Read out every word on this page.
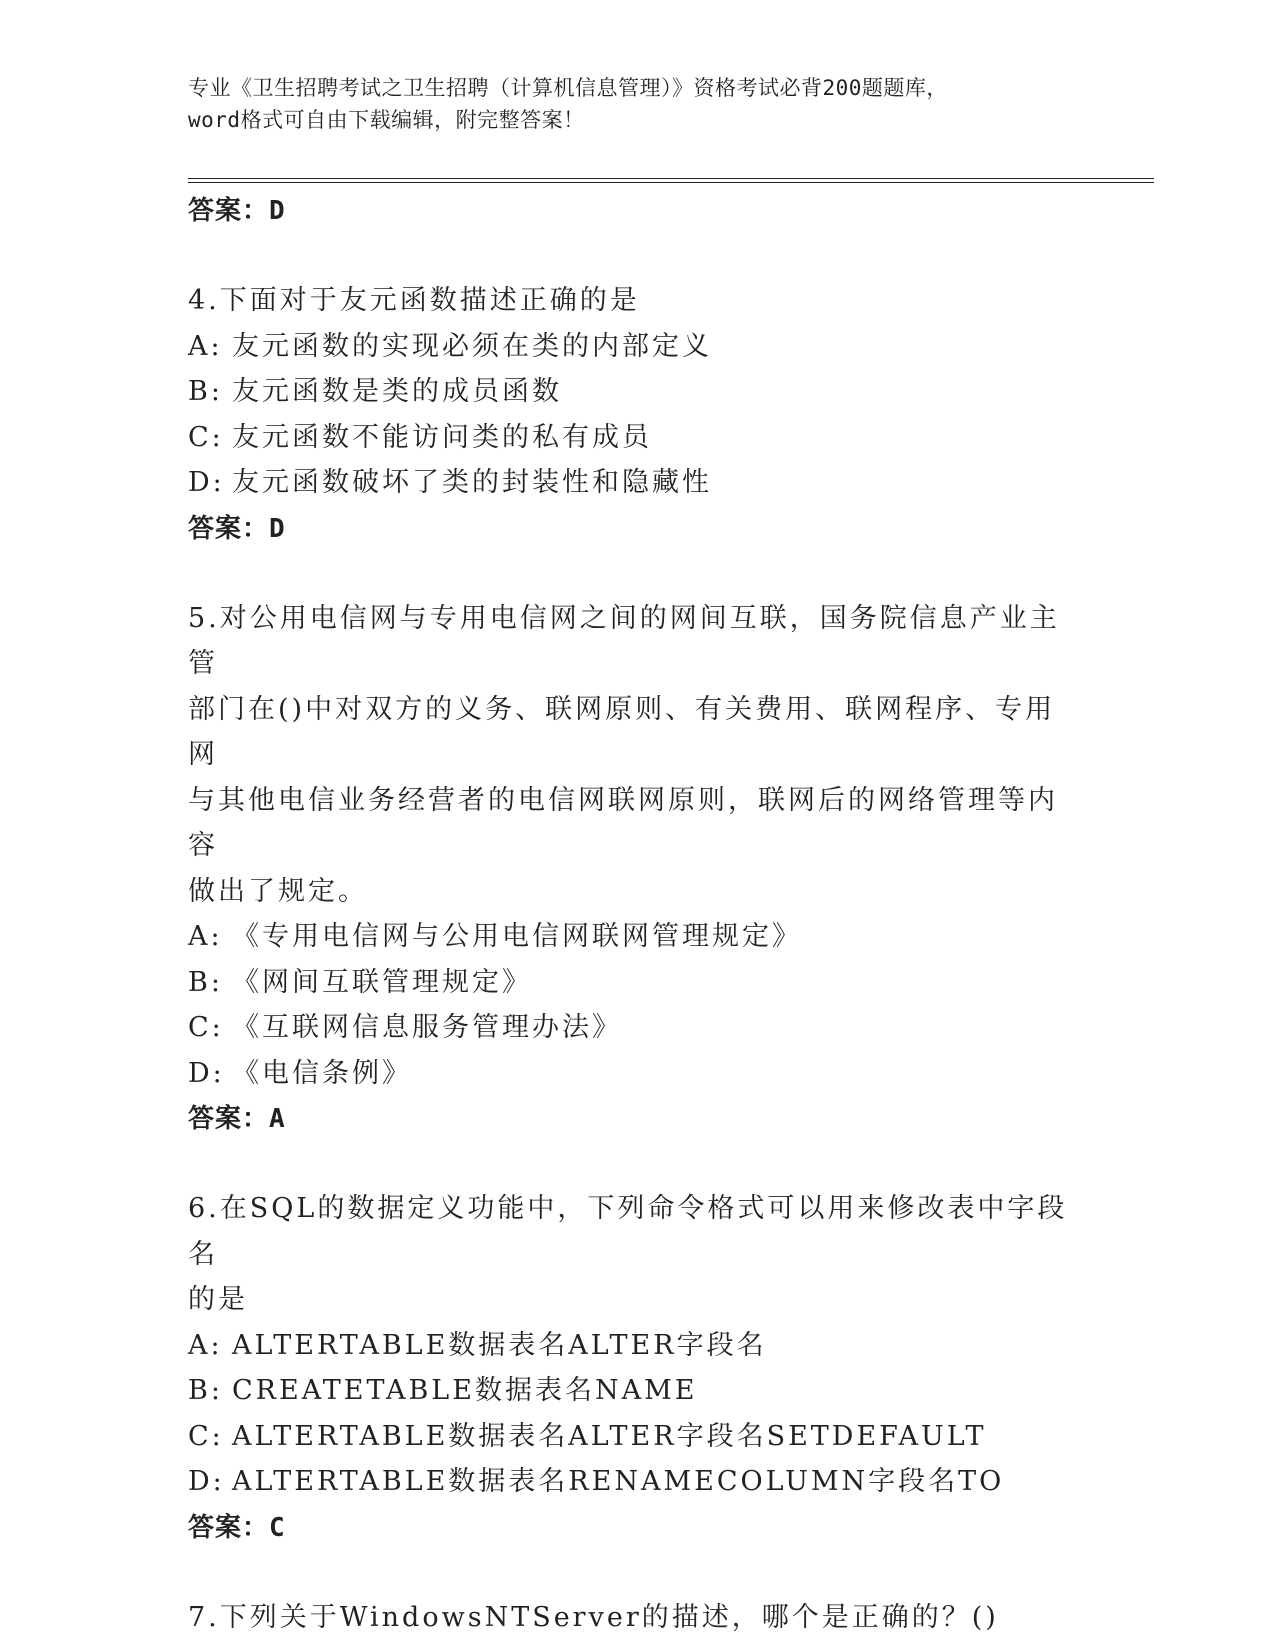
专业《卫生招聘考试之卫生招聘（计算机信息管理）》资格考试必背200题题库，
word格式可自由下载编辑，附完整答案！
答案：D
4.下面对于友元函数描述正确的是
A: 友元函数的实现必须在类的内部定义
B: 友元函数是类的成员函数
C: 友元函数不能访问类的私有成员
D: 友元函数破坏了类的封装性和隐藏性
答案：D
5.对公用电信网与专用电信网之间的网间互联，国务院信息产业主管
部门在()中对双方的义务、联网原则、有关费用、联网程序、专用网
与其他电信业务经营者的电信网联网原则，联网后的网络管理等内容
做出了规定。
A: 《专用电信网与公用电信网联网管理规定》
B: 《网间互联管理规定》
C: 《互联网信息服务管理办法》
D: 《电信条例》
答案：A
6.在SQL的数据定义功能中，下列命令格式可以用来修改表中字段名
的是
A: ALTERTABLE数据表名ALTER字段名
B: CREATETABLE数据表名NAME
C: ALTERTABLE数据表名ALTER字段名SETDEFAULT
D: ALTERTABLE数据表名RENAMECOLUMN字段名TO
答案：C
7.下列关于WindowsNTServer的描述，哪个是正确的？()
